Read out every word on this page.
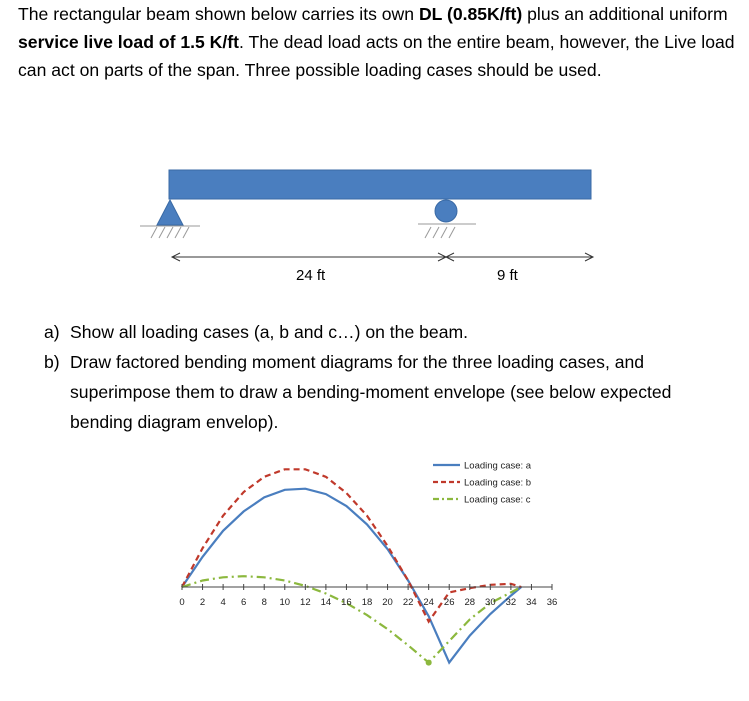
The rectangular beam shown below carries its own DL (0.85K/ft) plus an additional uniform service live load of 1.5 K/ft. The dead load acts on the entire beam, however, the Live load can act on parts of the span. Three possible loading cases should be used.
24 ft	9 ft
a) Show all loading cases (a, b and c…) on the beam.
b) Draw factored bending moment diagrams for the three loading cases, and superimpose them to draw a bending-moment envelope (see below expected bending diagram envelop).
0 2 4 6 8 10 12 14 16 18 20 22 24 26 28 30 32 34 36
Loading case: a
Loading case: b
Loading case: c
